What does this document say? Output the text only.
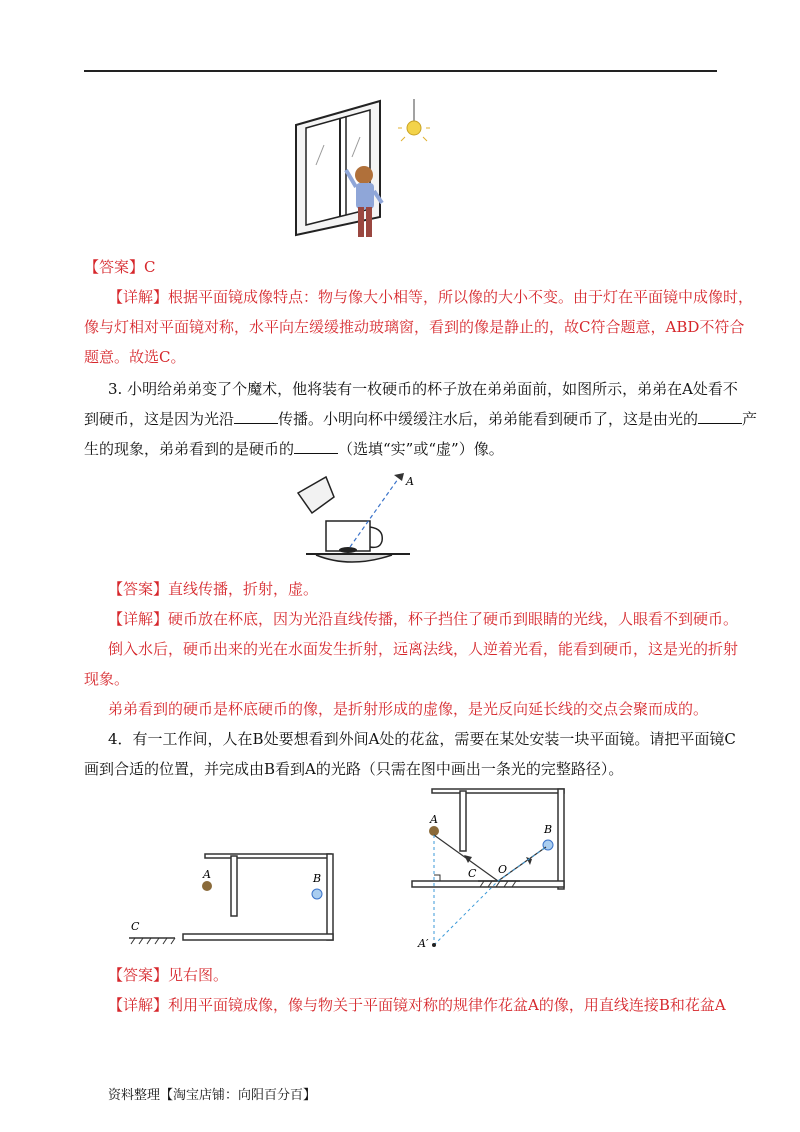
【答案】C
【详解】根据平面镜成像特点：物与像大小相等，所以像的大小不变。由于灯在平面镜中成像时，
像与灯相对平面镜对称，水平向左缓缓推动玻璃窗，看到的像是静止的，故C符合题意，ABD不符合
题意。故选C。
3. 小明给弟弟变了个魔术，他将装有一枚硬币的杯子放在弟弟面前，如图所示，弟弟在A处看不
到硬币，这是因为光沿	传播。小明向杯中缓缓注水后，弟弟能看到硬币了，这是由光的	产
生的现象，弟弟看到的是硬币的	（选填“实”或“虚”）像。
A
【答案】直线传播，折射，虚。
【详解】硬币放在杯底，因为光沿直线传播，杯子挡住了硬币到眼睛的光线，人眼看不到硬币。
倒入水后，硬币出来的光在水面发生折射，远离法线，人逆着光看，能看到硬币，这是光的折射
现象。
弟弟看到的硬币是杯底硬币的像，是折射形成的虚像，是光反向延长线的交点会聚而成的。
4．有一工作间，人在B处要想看到外间A处的花盆，需要在某处安装一块平面镜。请把平面镜C
画到合适的位置，并完成由B看到A的光路（只需在图中画出一条光的完整路径）。
A	B
C
A
B
A′
C O
【答案】见右图。
【详解】利用平面镜成像，像与物关于平面镜对称的规律作花盆A的像，用直线连接B和花盆A
资料整理【淘宝店铺：向阳百分百】
